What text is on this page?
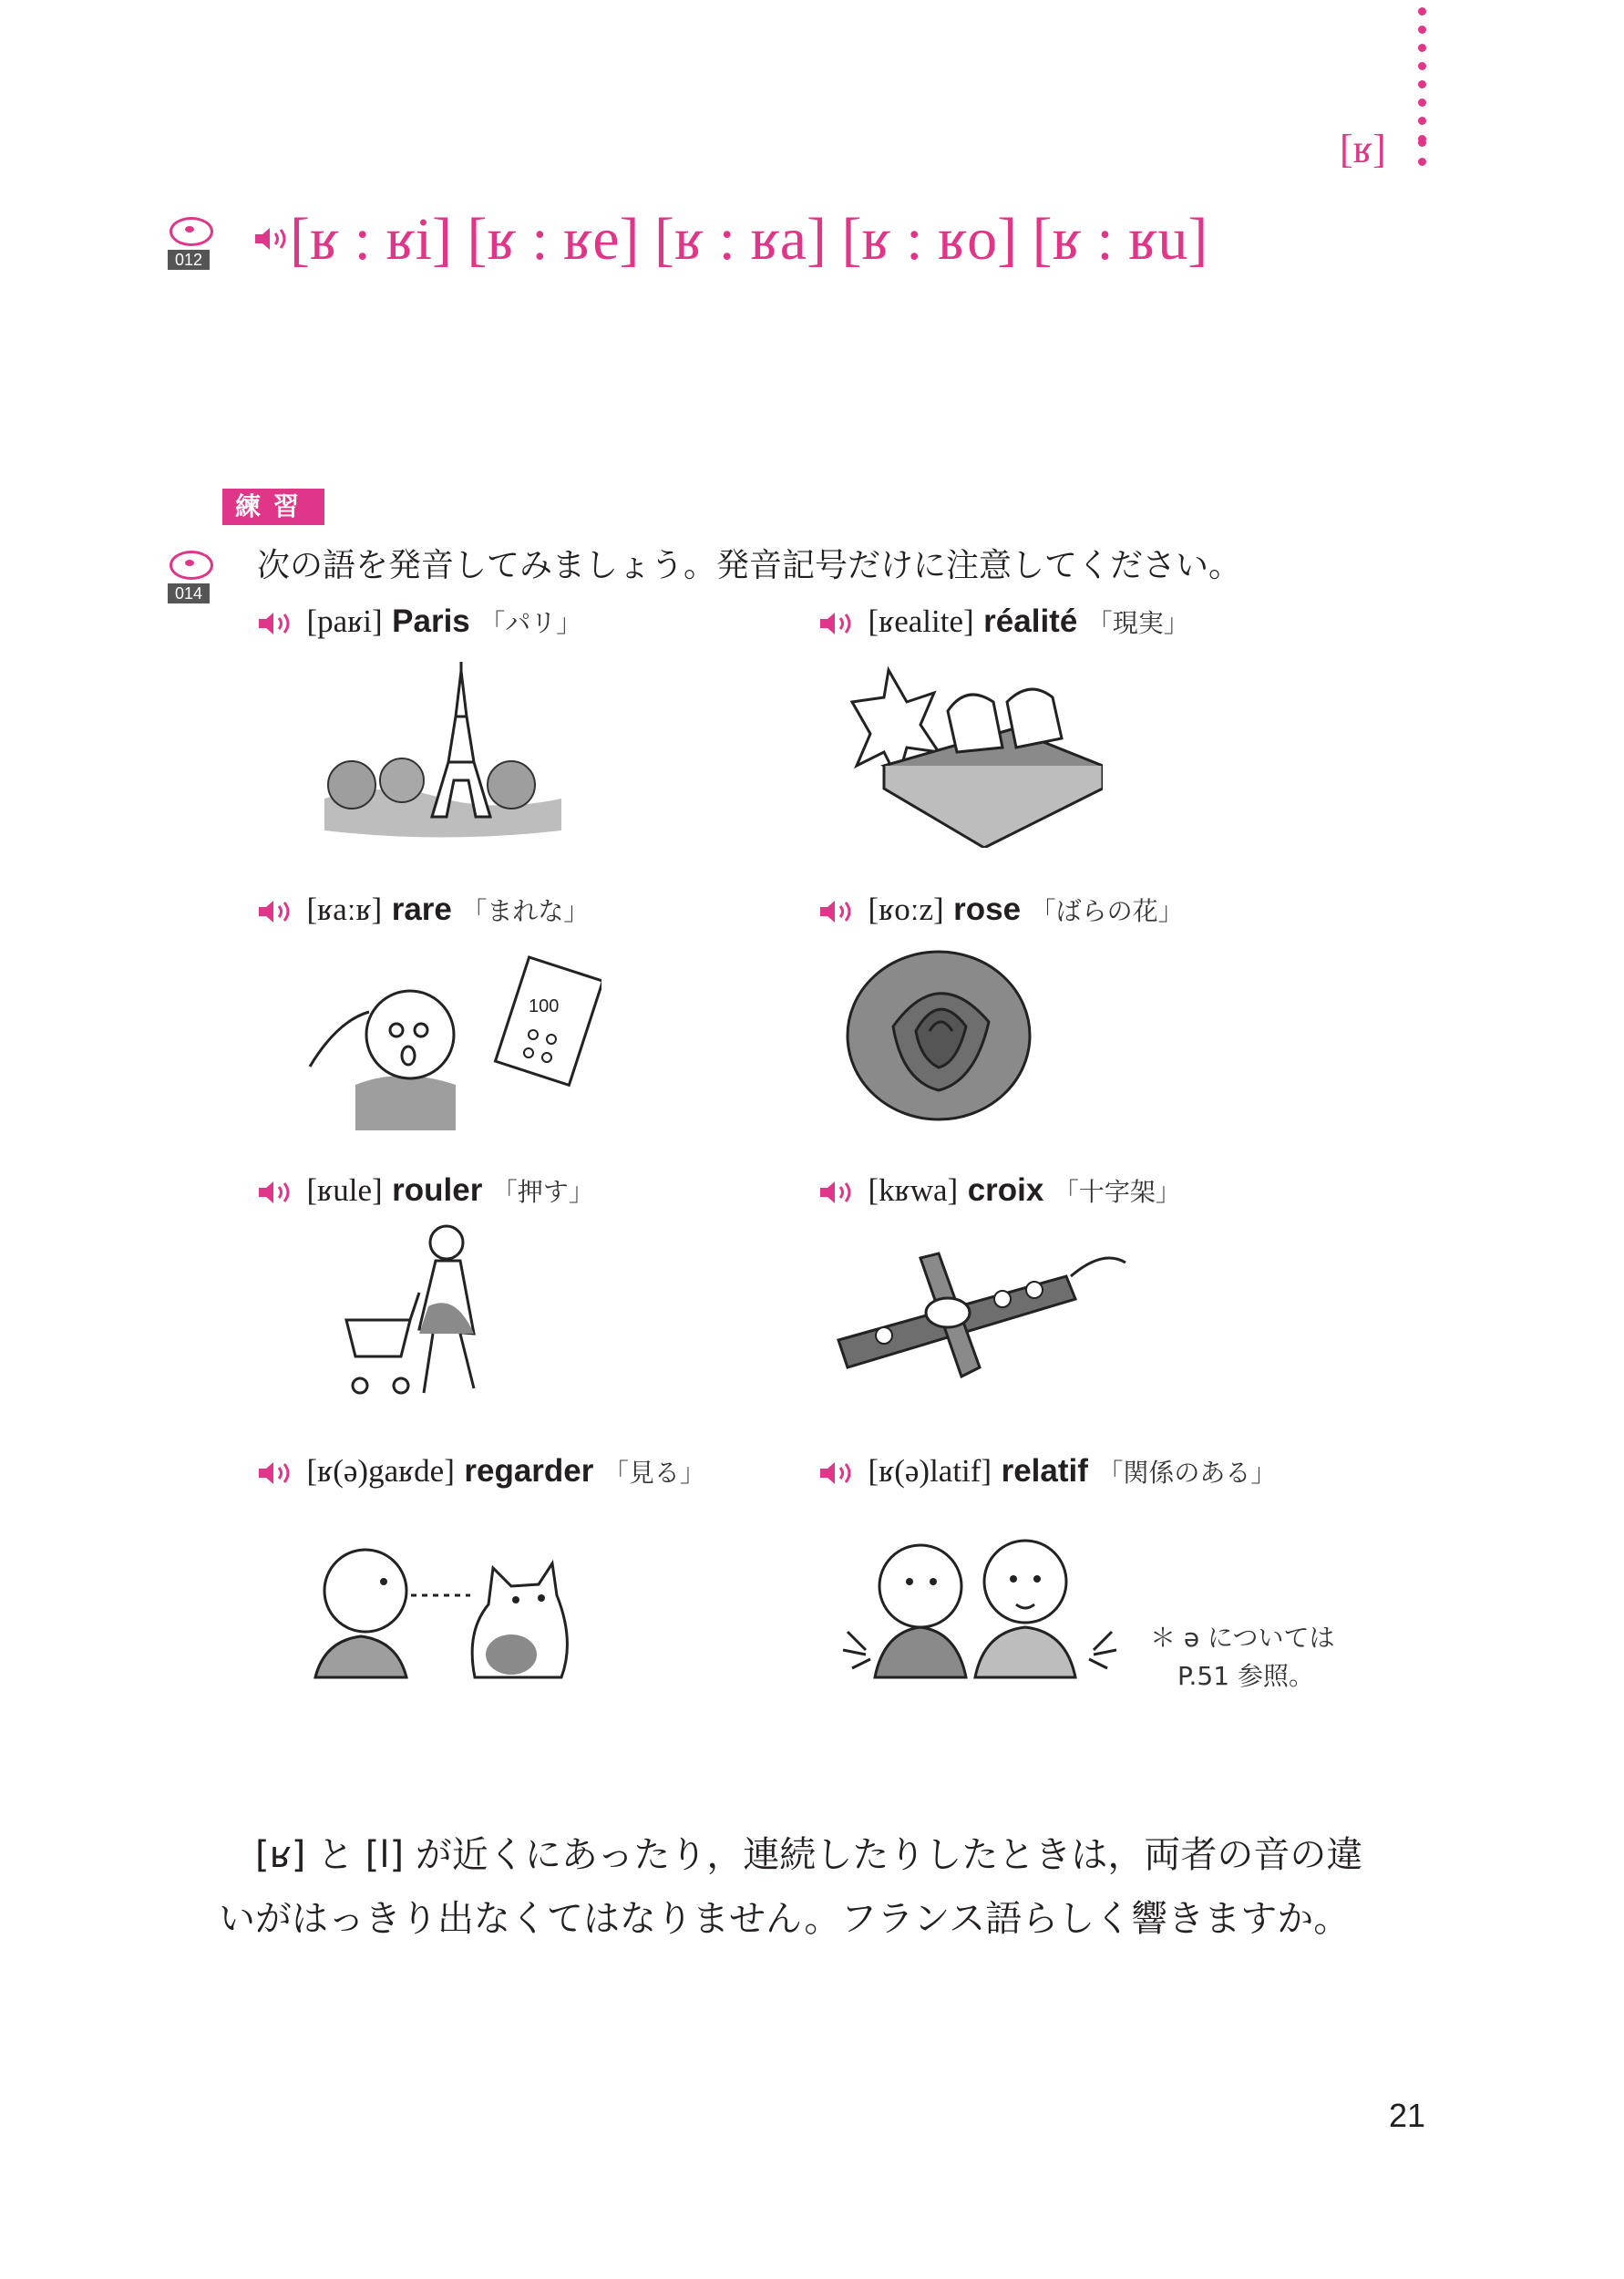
[ʁ]
012 [ʁ : ʁi] [ʁ : ʁe] [ʁ : ʁa] [ʁ : ʁo] [ʁ : ʁu]
練習
014
次の語を発音してみましょう。発音記号だけに注意してください。
[paʁi] Paris 「パリ」	[ʁealite] réalité 「現実」
[ʁaːʁ] rare 「まれな」	[ʁoːz] rose 「ばらの花」
[ʁule] rouler 「押す」	[kʁwa] croix 「十字架」
[ʁ(ə)gaʁde] regarder 「見る」	[ʁ(ə)latif] relatif 「関係のある」
100
＊ ə については
P.51 参照。
[ʁ] と [l] が近くにあったり，連続したりしたときは，両者の音の違
いがはっきり出なくてはなりません。フランス語らしく響きますか。
21
